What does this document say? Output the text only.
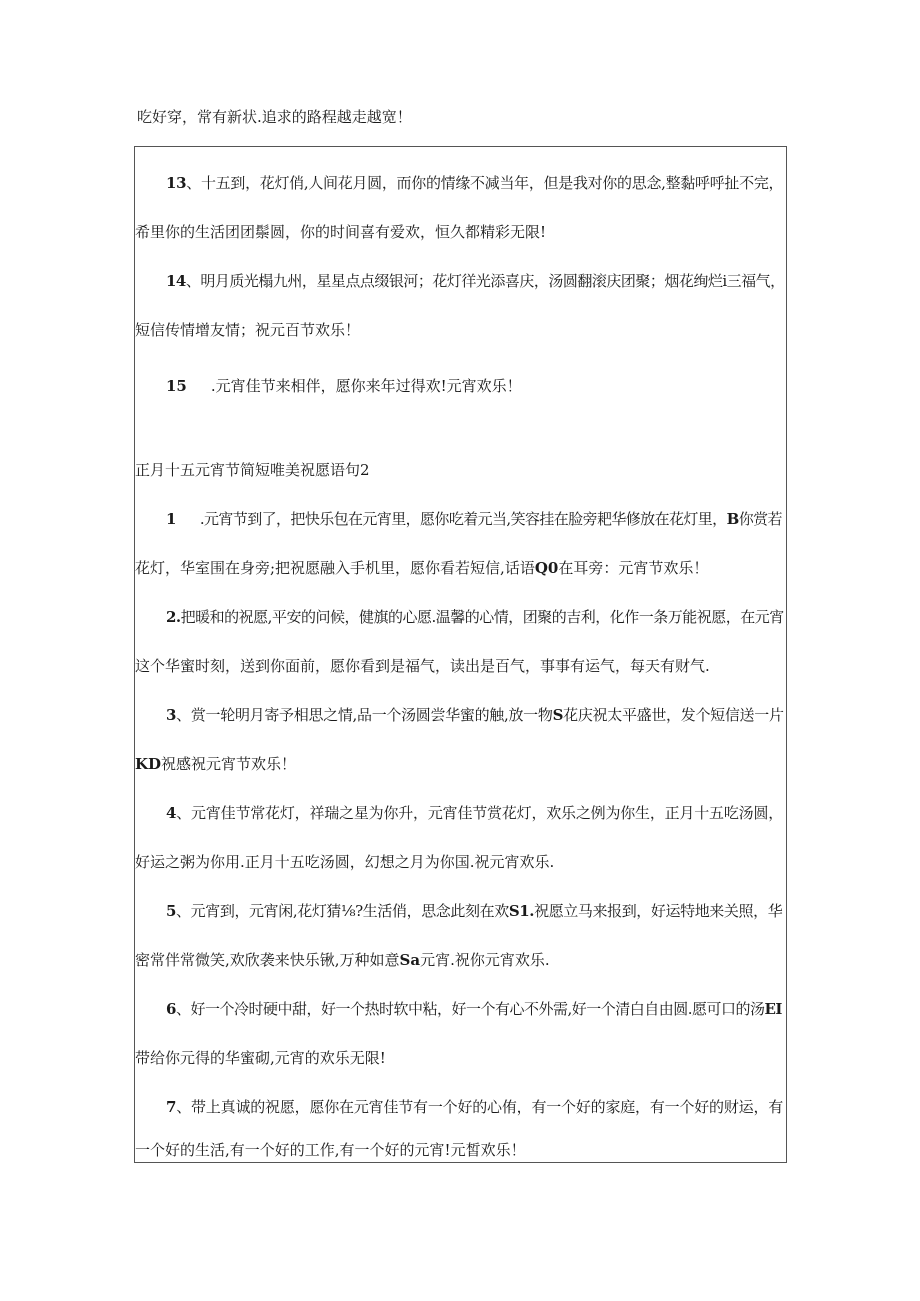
吃好穿，常有新状.追求的路程越走越宽！
13、十五到，花灯俏,人间花月圆，而你的情缘不减当年，但是我对你的思念,整黏呼呼扯不完，
希里你的生活团团鬃圆，你的时间喜有爱欢，恒久都精彩无限!
14、明月质光榻九州，星星点点缀银河；花灯徉光添喜庆，汤圆翻滚庆团聚；烟花绚烂i三福气，
短信传情增友情；祝元百节欢乐！
15 .元宵佳节来相伴，愿你来年过得欢!元宵欢乐！
正月十五元宵节简短唯美祝愿语句2
1 .元宵节到了，把快乐包在元宵里，愿你吃着元当,笑容挂在脸旁耙华修放在花灯里，B你赏若
花灯，华室围在身旁;把祝愿融入手机里，愿你看若短信,话语Q0在耳旁：元宵节欢乐！
2.把暖和的祝愿,平安的问候，健旗的心愿.温馨的心情，团聚的吉利，化作一条万能祝愿，在元宵
这个华蜜时刻，送到你面前，愿你看到是福气，读出是百气，事事有运气，每天有财气.
3、赏一轮明月寄予相思之情,品一个汤圆尝华蜜的触,放一物S花庆祝太平盛世，发个短信送一片
KD祝感祝元宵节欢乐！
4、元宵佳节常花灯，祥瑞之星为你升，元宵佳节赏花灯，欢乐之例为你生，正月十五吃汤圆，
好运之粥为你用.正月十五吃汤圆，幻想之月为你国.祝元宵欢乐.
5、元宵到，元宵闲,花灯猜⅛?生活俏，思念此刻在欢S1.祝愿立马来报到，好运特地来关照，华
密常伴常微笑,欢欣袭来快乐锹,万种如意Sa元宵.祝你元宵欢乐.
6、好一个冷时硬中甜，好一个热时软中粘，好一个有心不外需,好一个清白自由圆.愿可口的汤EI
带给你元得的华蜜砌,元宵的欢乐无限!
7、带上真诚的祝愿，愿你在元宵佳节有一个好的心侑，有一个好的家庭，有一个好的财运，有
一个好的生活,有一个好的工作,有一个好的元宵!元皙欢乐！
